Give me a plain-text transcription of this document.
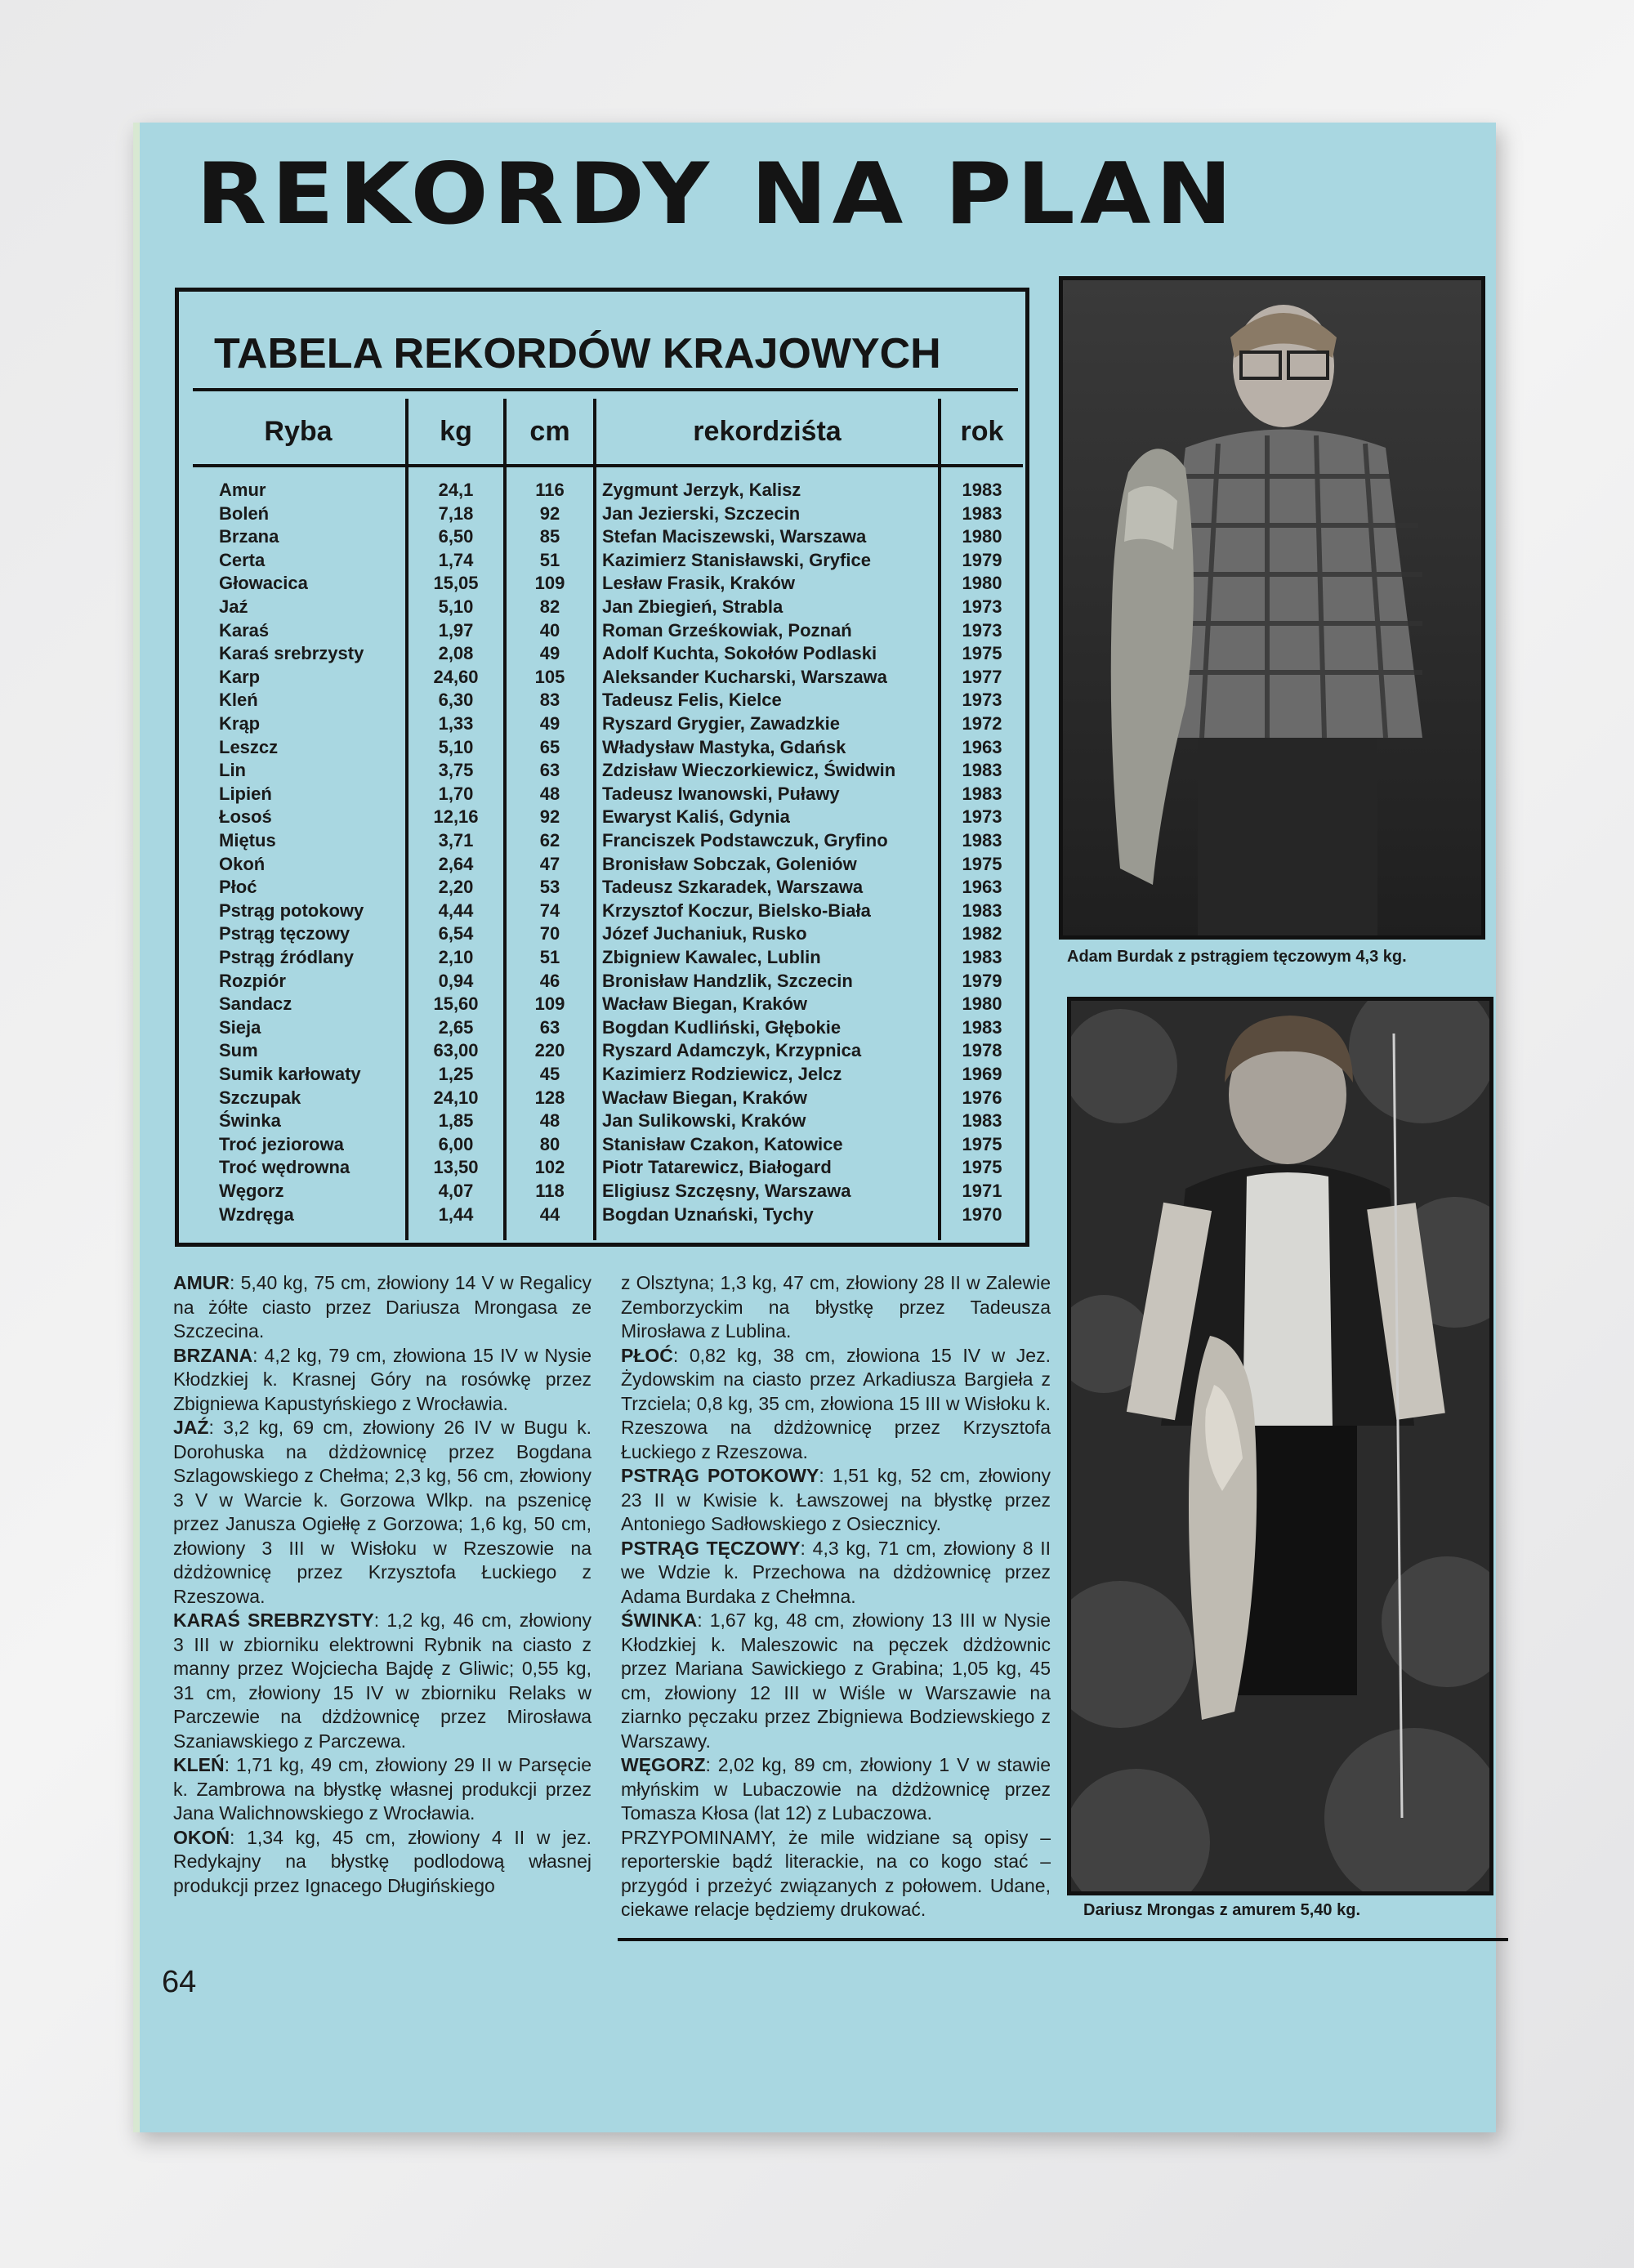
REKORDY NA PLAN
TABELA REKORDÓW KRAJOWYCH
Ryba	kg	cm	rekordziśta	rok
Amur	24,1	116	Zygmunt Jerzyk, Kalisz	1983
Boleń	7,18	92	Jan Jezierski, Szczecin	1983
Brzana	6,50	85	Stefan Maciszewski, Warszawa	1980
Certa	1,74	51	Kazimierz Stanisławski, Gryfice	1979
Głowacica	15,05	109	Lesław Frasik, Kraków	1980
Jaź	5,10	82	Jan Zbiegień, Strabla	1973
Karaś	1,97	40	Roman Grześkowiak, Poznań	1973
Karaś srebrzysty	2,08	49	Adolf Kuchta, Sokołów Podlaski	1975
Karp	24,60	105	Aleksander Kucharski, Warszawa	1977
Kleń	6,30	83	Tadeusz Felis, Kielce	1973
Krąp	1,33	49	Ryszard Grygier, Zawadzkie	1972
Leszcz	5,10	65	Władysław Mastyka, Gdańsk	1963
Lin	3,75	63	Zdzisław Wieczorkiewicz, Świdwin	1983
Lipień	1,70	48	Tadeusz Iwanowski, Puławy	1983
Łosoś	12,16	92	Ewaryst Kaliś, Gdynia	1973
Miętus	3,71	62	Franciszek Podstawczuk, Gryfino	1983
Okoń	2,64	47	Bronisław Sobczak, Goleniów	1975
Płoć	2,20	53	Tadeusz Szkaradek, Warszawa	1963
Pstrąg potokowy	4,44	74	Krzysztof Koczur, Bielsko-Biała	1983
Pstrąg tęczowy	6,54	70	Józef Juchaniuk, Rusko	1982
Pstrąg źródlany	2,10	51	Zbigniew Kawalec, Lublin	1983
Rozpiór	0,94	46	Bronisław Handzlik, Szczecin	1979
Sandacz	15,60	109	Wacław Biegan, Kraków	1980
Sieja	2,65	63	Bogdan Kudliński, Głębokie	1983
Sum	63,00	220	Ryszard Adamczyk, Krzypnica	1978
Sumik karłowaty	1,25	45	Kazimierz Rodziewicz, Jelcz	1969
Szczupak	24,10	128	Wacław Biegan, Kraków	1976
Świnka	1,85	48	Jan Sulikowski, Kraków	1983
Troć jeziorowa	6,00	80	Stanisław Czakon, Katowice	1975
Troć wędrowna	13,50	102	Piotr Tatarewicz, Białogard	1975
Węgorz	4,07	118	Eligiusz Szczęsny, Warszawa	1971
Wzdręga	1,44	44	Bogdan Uznański, Tychy	1970
Adam Burdak z pstrągiem tęczowym 4,3 kg.
Dariusz Mrongas z amurem 5,40 kg.

AMUR: 5,40 kg, 75 cm, złowiony 14 V w Regalicy na żółte ciasto przez Dariusza Mrongasa ze Szczecina.

BRZANA: 4,2 kg, 79 cm, złowiona 15 IV w Nysie Kłodzkiej k. Krasnej Góry na rosówkę przez Zbigniewa Kapustyńskiego z Wrocławia.

JAŹ: 3,2 kg, 69 cm, złowiony 26 IV w Bugu k. Dorohuska na dżdżownicę przez Bogdana Szlagowskiego z Chełma; 2,3 kg, 56 cm, złowiony 3 V w Warcie k. Gorzowa Wlkp. na pszenicę przez Janusza Ogiełłę z Gorzowa; 1,6 kg, 50 cm, złowiony 3 III w Wisłoku w Rzeszowie na dżdżownicę przez Krzysztofa Łuckiego z Rzeszowa.

KARAŚ SREBRZYSTY: 1,2 kg, 46 cm, złowiony 3 III w zbiorniku elektrowni Rybnik na ciasto z manny przez Wojciecha Bajdę z Gliwic; 0,55 kg, 31 cm, złowiony 15 IV w zbiorniku Relaks w Parczewie na dżdżownicę przez Mirosława Szaniawskiego z Parczewa.

KLEŃ: 1,71 kg, 49 cm, złowiony 29 II w Parsęcie k. Zambrowa na błystkę własnej produkcji przez Jana Walichnowskiego z Wrocławia.

OKOŃ: 1,34 kg, 45 cm, złowiony 4 II w jez. Redykajny na błystkę podlodową własnej produkcji przez Ignacego Długińskiego

z Olsztyna; 1,3 kg, 47 cm, złowiony 28 II w Zalewie Zemborzyckim na błystkę przez Tadeusza Mirosława z Lublina.

PŁOĆ: 0,82 kg, 38 cm, złowiona 15 IV w Jez. Żydowskim na ciasto przez Arkadiusza Bargieła z Trzciela; 0,8 kg, 35 cm, złowiona 15 III w Wisłoku k. Rzeszowa na dżdżownicę przez Krzysztofa Łuckiego z Rzeszowa.

PSTRĄG POTOKOWY: 1,51 kg, 52 cm, złowiony 23 II w Kwisie k. Ławszowej na błystkę przez Antoniego Sadłowskiego z Osiecznicy.

PSTRĄG TĘCZOWY: 4,3 kg, 71 cm, złowiony 8 II we Wdzie k. Przechowa na dżdżownicę przez Adama Burdaka z Chełmna.

ŚWINKA: 1,67 kg, 48 cm, złowiony 13 III w Nysie Kłodzkiej k. Maleszowic na pęczek dżdżownic przez Mariana Sawickiego z Grabina; 1,05 kg, 45 cm, złowiony 12 III w Wiśle w Warszawie na ziarnko pęczaku przez Zbigniewa Bodziewskiego z Warszawy.

WĘGORZ: 2,02 kg, 89 cm, złowiony 1 V w stawie młyńskim w Lubaczowie na dżdżownicę przez Tomasza Kłosa (lat 12) z Lubaczowa.

PRZYPOMINAMY, że mile widziane są opisy – reporterskie bądź literackie, na co kogo stać – przygód i przeżyć związanych z połowem. Udane, ciekawe relacje będziemy drukować.

64
